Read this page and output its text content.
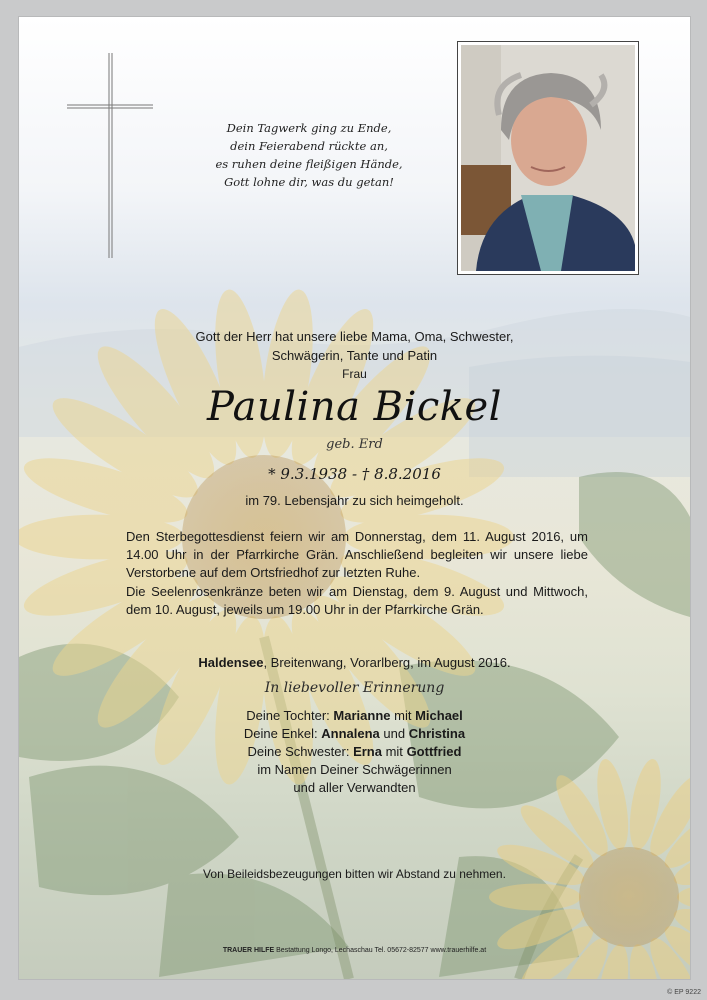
Dein Tagwerk ging zu Ende,
dein Feierabend rückte an,
es ruhen deine fleißigen Hände,
Gott lohne dir, was du getan!
Gott der Herr hat unsere liebe Mama, Oma, Schwester,
Schwägerin, Tante und Patin
Frau
Paulina Bickel
geb. Erd
* 9.3.1938 - † 8.8.2016
im 79. Lebensjahr zu sich heimgeholt.
Den Sterbegottesdienst feiern wir am Donnerstag, dem 11. August 2016, um 14.00 Uhr in der Pfarrkirche Grän. Anschließend begleiten wir unsere liebe Verstorbene auf dem Ortsfriedhof zur letzten Ruhe.
Die Seelenrosenkränze beten wir am Dienstag, dem 9. August und Mittwoch, dem 10. August, jeweils um 19.00 Uhr in der Pfarrkirche Grän.
Haldensee, Breitenwang, Vorarlberg, im August 2016.
In liebevoller Erinnerung
Deine Tochter: Marianne mit Michael
Deine Enkel: Annalena und Christina
Deine Schwester: Erna mit Gottfried
im Namen Deiner Schwägerinnen
und aller Verwandten
Von Beileidsbezeugungen bitten wir Abstand zu nehmen.
TRAUER HILFE Bestattung Longo, Lechaschau Tel. 05672-82577 www.trauerhilfe.at
© EP 9222
